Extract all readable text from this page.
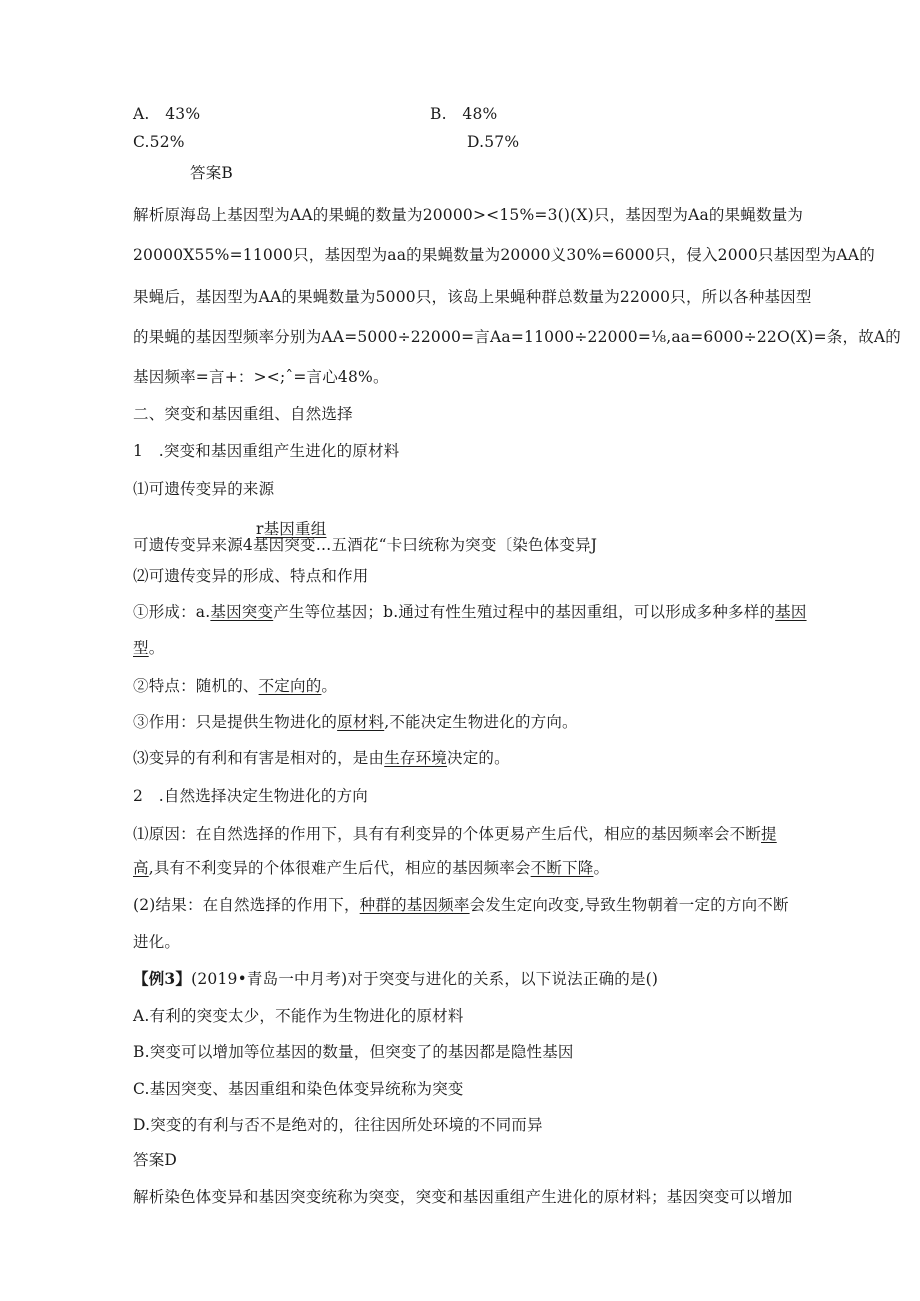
A.　43%	B.　48%
C.52%	D.57%
答案B
解析原海岛上基因型为AA的果蝇的数量为20000><15%=3()(X)只，基因型为Aa的果蝇数量为
20000X55%=11000只，基因型为aa的果蝇数量为20000义30%=6000只，侵入2000只基因型为AA的
果蝇后，基因型为AA的果蝇数量为5000只，该岛上果蝇种群总数量为22000只，所以各种基因型
的果蝇的基因型频率分别为AA=5000÷22000=言Aa=11000÷22000=⅛,aa=6000÷22O(X)=条，故A的
基因频率=言+：><;ˆ=言心48%。
二、突变和基因重组、自然选择
1　.突变和基因重组产生进化的原材料
⑴可遗传变异的来源
r基因重组
可遗传变异来源4基因突变…五酒花“卡曰统称为突变〔染色体变异J
⑵可遗传变异的形成、特点和作用
①形成：a.基因突变产生等位基因；b.通过有性生殖过程中的基因重组，可以形成多种多样的基因
型。
②特点：随机的、不定向的。
③作用：只是提供生物进化的原材料,不能决定生物进化的方向。
⑶变异的有利和有害是相对的，是由生存环境决定的。
2　.自然选择决定生物进化的方向
⑴原因：在自然选择的作用下，具有有利变异的个体更易产生后代，相应的基因频率会不断提
高,具有不利变异的个体很难产生后代，相应的基因频率会不断下降。
(2)结果：在自然选择的作用下，种群的基因频率会发生定向改变,导致生物朝着一定的方向不断
进化。
【例3】(2019•青岛一中月考)对于突变与进化的关系，以下说法正确的是()
A.有利的突变太少，不能作为生物进化的原材料
B.突变可以增加等位基因的数量，但突变了的基因都是隐性基因
C.基因突变、基因重组和染色体变异统称为突变
D.突变的有利与否不是绝对的，往往因所处环境的不同而异
答案D
解析染色体变异和基因突变统称为突变，突变和基因重组产生进化的原材料；基因突变可以增加
